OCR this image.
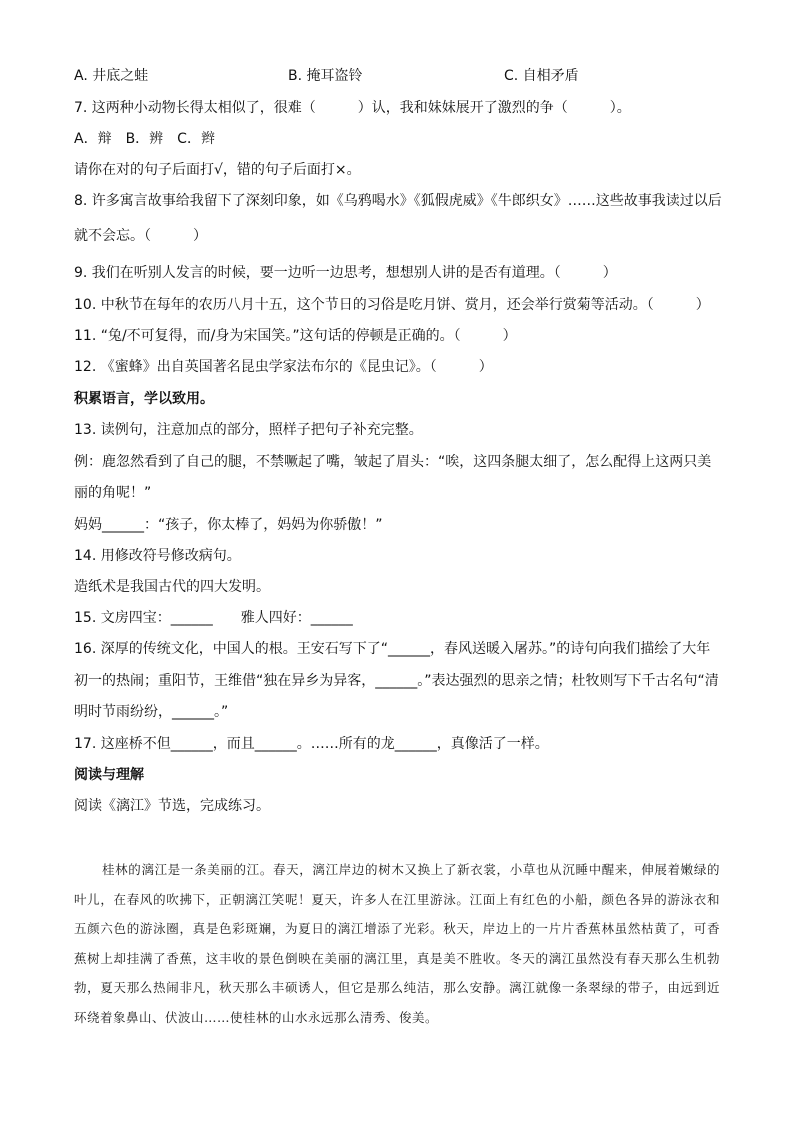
A. 井底之蛙	B. 掩耳盗铃	C. 自相矛盾
7. 这两种小动物长得太相似了，很难（　　　）认，我和妹妹展开了激烈的争（　　　）。
A．辩　B．辨　C．辫
请你在对的句子后面打√，错的句子后面打×。
8. 许多寓言故事给我留下了深刻印象，如《乌鸦喝水》《狐假虎威》《牛郎织女》……这些故事我读过以后
就不会忘。（　　　）
9. 我们在听别人发言的时候，要一边听一边思考，想想别人讲的是否有道理。（　　　）
10. 中秋节在每年的农历八月十五，这个节日的习俗是吃月饼、赏月，还会举行赏菊等活动。（　　　）
11. “兔/不可复得，而/身为宋国笑。”这句话的停顿是正确的。（　　　）
12. 《蜜蜂》出自英国著名昆虫学家法布尔的《昆虫记》。（　　　）
积累语言，学以致用。
13. 读例句，注意加点的部分，照样子把句子补充完整。
例：鹿忽然看到了自己的腿，不禁噘起了嘴，皱起了眉头：“唉，这四条腿太细了，怎么配得上这两只美
丽的角呢！”
妈妈______：“孩子，你太棒了，妈妈为你骄傲！”
14. 用修改符号修改病句。
造纸术是我国古代的四大发明。
15. 文房四宝：______　　雅人四好：______
16. 深厚的传统文化，中国人的根。王安石写下了“______，春风送暖入屠苏。”的诗句向我们描绘了大年
初一的热闹；重阳节，王维借“独在异乡为异客，______。”表达强烈的思亲之情；杜牧则写下千古名句“清
明时节雨纷纷，______。”
17. 这座桥不但______，而且______。……所有的龙______，真像活了一样。
阅读与理解
阅读《漓江》节选，完成练习。
桂林的漓江是一条美丽的江。春天，漓江岸边的树木又换上了新衣裳，小草也从沉睡中醒来，伸展着嫩绿的叶儿，在春风的吹拂下，正朝漓江笑呢！夏天，许多人在江里游泳。江面上有红色的小船，颜色各异的游泳衣和五颜六色的游泳圈，真是色彩斑斓，为夏日的漓江增添了光彩。秋天，岸边上的一片片香蕉林虽然枯黄了，可香蕉树上却挂满了香蕉，这丰收的景色倒映在美丽的漓江里，真是美不胜收。冬天的漓江虽然没有春天那么生机勃勃，夏天那么热闹非凡，秋天那么丰硕诱人，但它是那么纯洁，那么安静。漓江就像一条翠绿的带子，由远到近环绕着象鼻山、伏波山……使桂林的山水永远那么清秀、俊美。
